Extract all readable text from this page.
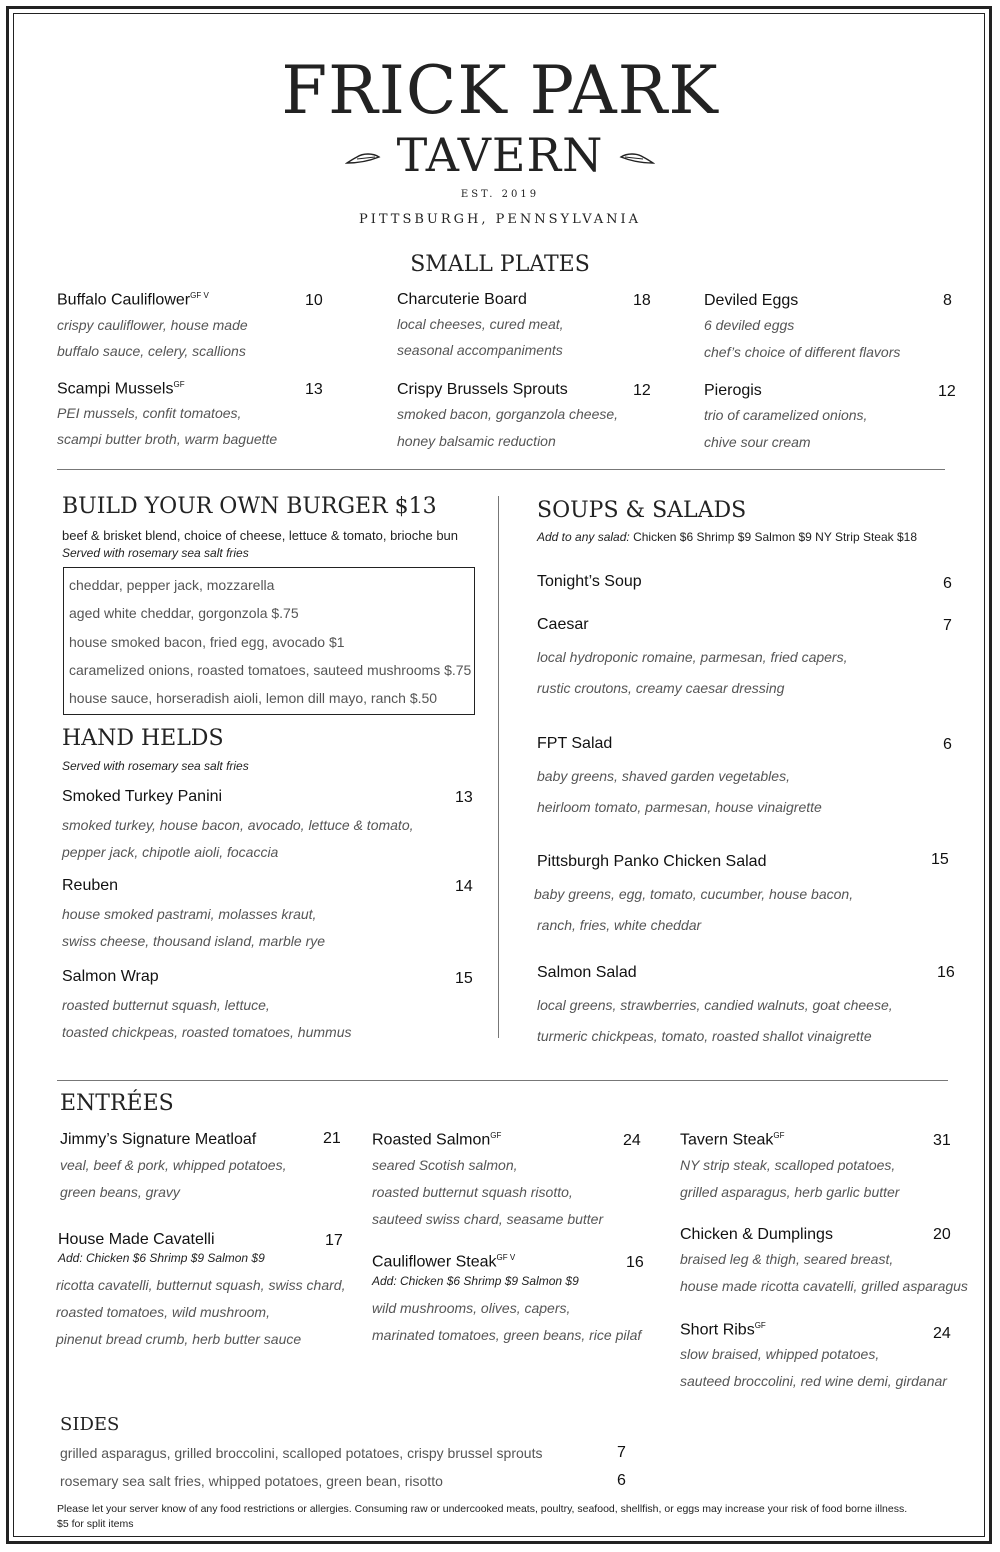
FRICK PARK
TAVERN
EST. 2019
PITTSBURGH, PENNSYLVANIA
SMALL PLATES
Buffalo Cauliflower$^{GF V}$	10
crispy cauliflower, house made
buffalo sauce, celery, scallions
Scampi Mussels$^{GF}$	13
PEI mussels, confit tomatoes,
scampi butter broth, warm baguette
Charcuterie Board	18
local cheeses, cured meat,
seasonal accompaniments
Crispy Brussels Sprouts	12
smoked bacon, gorganzola cheese,
honey balsamic reduction
Deviled Eggs	8
6 deviled eggs
chef’s choice of different flavors
Pierogis	12
trio of caramelized onions,
chive sour cream
BUILD YOUR OWN BURGER $13
beef & brisket blend, choice of cheese, lettuce & tomato, brioche bun
Served with rosemary sea salt fries
cheddar, pepper jack, mozzarella
aged white cheddar, gorgonzola $.75
house smoked bacon, fried egg, avocado $1
caramelized onions, roasted tomatoes, sauteed mushrooms $.75
house sauce, horseradish aioli, lemon dill mayo, ranch $.50
HAND HELDS
Served with rosemary sea salt fries
Smoked Turkey Panini	13
smoked turkey, house bacon, avocado, lettuce & tomato,
pepper jack, chipotle aioli, focaccia
Reuben	14
house smoked pastrami, molasses kraut,
swiss cheese, thousand island, marble rye
Salmon Wrap	15
roasted butternut squash, lettuce,
toasted chickpeas, roasted tomatoes, hummus
SOUPS & SALADS
Add to any salad: Chicken $6 Shrimp $9 Salmon $9 NY Strip Steak $18
Tonight’s Soup	6
Caesar	7
local hydroponic romaine, parmesan, fried capers,
rustic croutons, creamy caesar dressing
FPT Salad	6
baby greens, shaved garden vegetables,
heirloom tomato, parmesan, house vinaigrette
Pittsburgh Panko Chicken Salad	15
baby greens, egg, tomato, cucumber, house bacon,
ranch, fries, white cheddar
Salmon Salad	16
local greens, strawberries, candied walnuts, goat cheese,
turmeric chickpeas, tomato, roasted shallot vinaigrette
ENTRÉES
Jimmy’s Signature Meatloaf	21
veal, beef & pork, whipped potatoes,
green beans, gravy
House Made Cavatelli	17
Add: Chicken $6 Shrimp $9 Salmon $9
ricotta cavatelli, butternut squash, swiss chard,
roasted tomatoes, wild mushroom,
pinenut bread crumb, herb butter sauce
Roasted Salmon$^{GF}$	24
seared Scotish salmon,
roasted butternut squash risotto,
sauteed swiss chard, seasame butter
Cauliflower Steak$^{GF V}$	16
Add: Chicken $6 Shrimp $9 Salmon $9
wild mushrooms, olives, capers,
marinated tomatoes, green beans, rice pilaf
Tavern Steak$^{GF}$	31
NY strip steak, scalloped potatoes,
grilled asparagus, herb garlic butter
Chicken & Dumplings	20
braised leg & thigh, seared breast,
house made ricotta cavatelli, grilled asparagus
Short Ribs$^{GF}$	24
slow braised, whipped potatoes,
sauteed broccolini, red wine demi, girdanar
SIDES
grilled asparagus, grilled broccolini, scalloped potatoes, crispy brussel sprouts	7
rosemary sea salt fries, whipped potatoes, green bean, risotto	6
Please let your server know of any food restrictions or allergies. Consuming raw or undercooked meats, poultry, seafood, shellfish, or eggs may increase your risk of food borne illness.
$5 for split items
